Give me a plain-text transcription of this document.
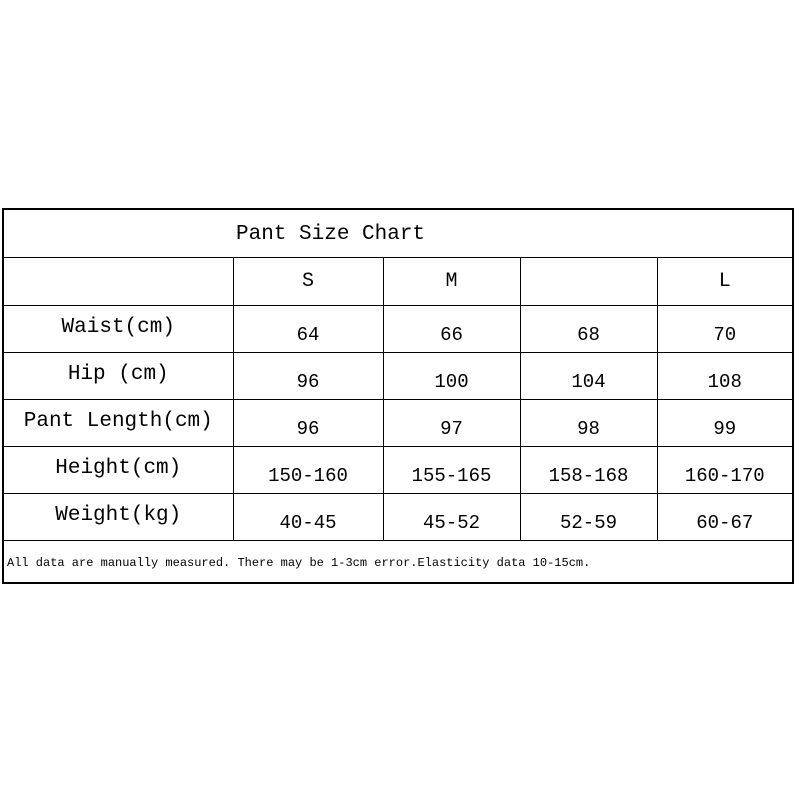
Pant Size Chart
	S	M		L
Waist(cm)	64	66	68	70
Hip (cm)	96	100	104	108
Pant Length(cm)	96	97	98	99
Height(cm)	150-160	155-165	158-168	160-170
Weight(kg)	40-45	45-52	52-59	60-67
All data are manually measured. There may be 1-3cm error.Elasticity data 10-15cm.
